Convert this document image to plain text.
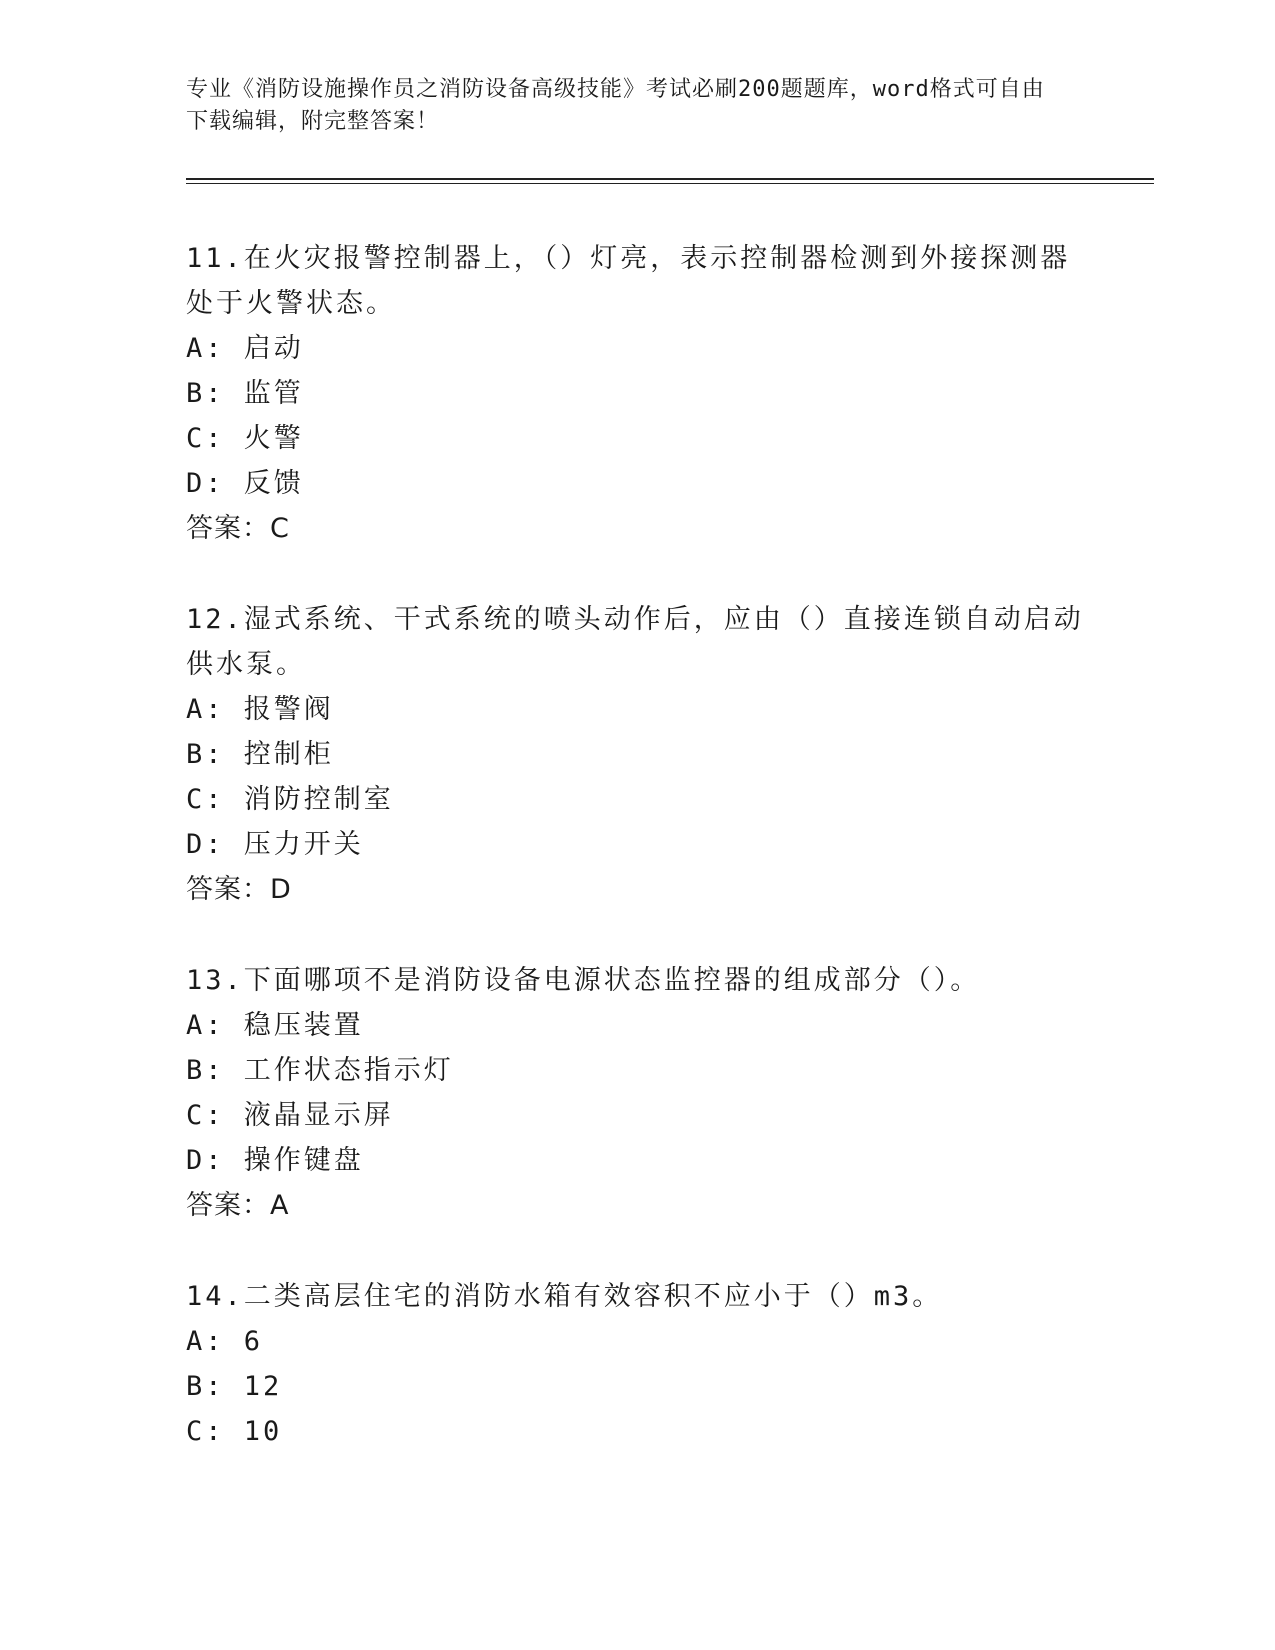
专业《消防设施操作员之消防设备高级技能》考试必刷200题题库，word格式可自由下载编辑，附完整答案！
11.在火灾报警控制器上，（）灯亮，表示控制器检测到外接探测器处于火警状态。
A: 启动
B: 监管
C: 火警
D: 反馈
答案：C
12.湿式系统、干式系统的喷头动作后，应由（）直接连锁自动启动供水泵。
A: 报警阀
B: 控制柜
C: 消防控制室
D: 压力开关
答案：D
13.下面哪项不是消防设备电源状态监控器的组成部分（）。
A: 稳压装置
B: 工作状态指示灯
C: 液晶显示屏
D: 操作键盘
答案：A
14.二类高层住宅的消防水箱有效容积不应小于（）m3。
A: 6
B: 12
C: 10
